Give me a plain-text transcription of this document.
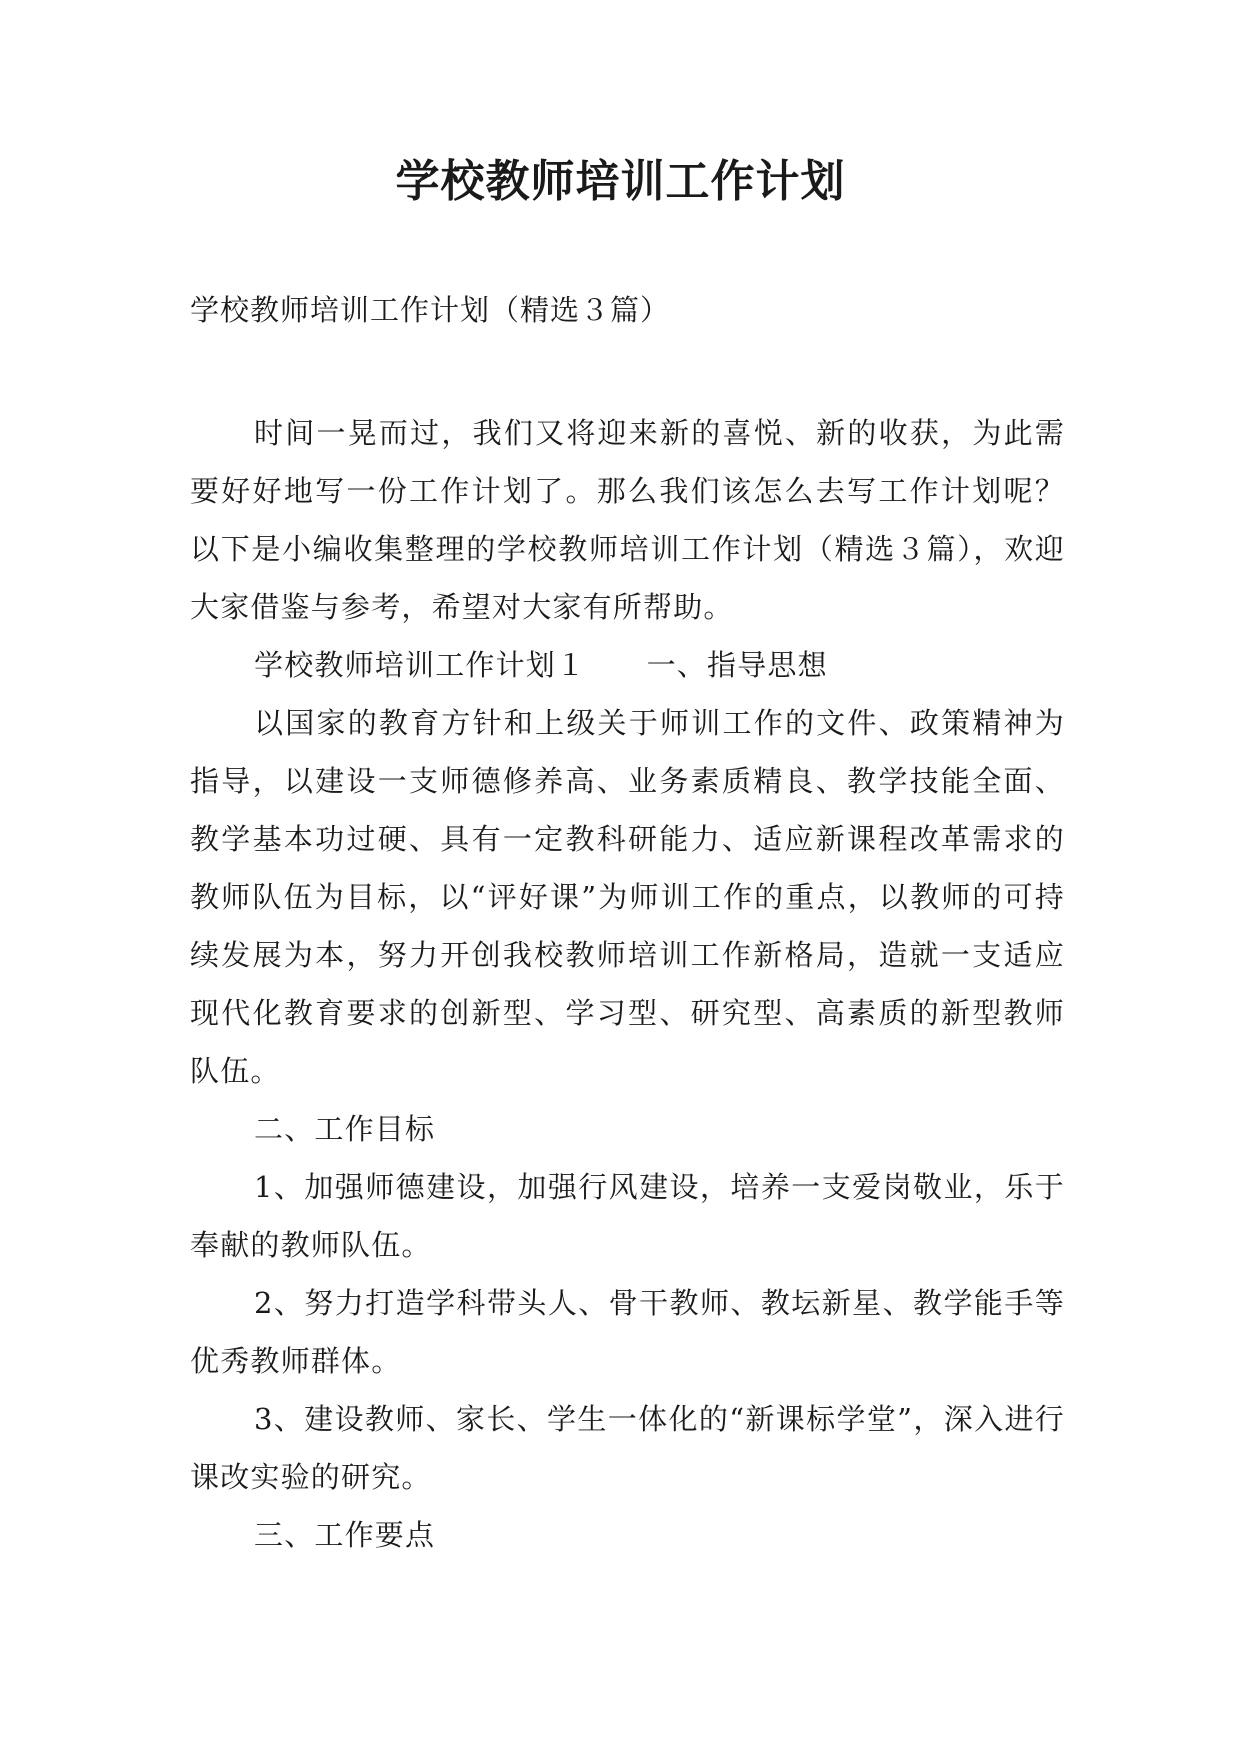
学校教师培训工作计划
学校教师培训工作计划（精选３篇）

时间一晃而过，我们又将迎来新的喜悦、新的收获，为此需要好好地写一份工作计划了。那么我们该怎么去写工作计划呢？以下是小编收集整理的学校教师培训工作计划（精选３篇），欢迎大家借鉴与参考，希望对大家有所帮助。

学校教师培训工作计划１　　一、指导思想

以国家的教育方针和上级关于师训工作的文件、政策精神为指导，以建设一支师德修养高、业务素质精良、教学技能全面、教学基本功过硬、具有一定教科研能力、适应新课程改革需求的教师队伍为目标，以“评好课”为师训工作的重点，以教师的可持续发展为本，努力开创我校教师培训工作新格局，造就一支适应现代化教育要求的创新型、学习型、研究型、高素质的新型教师队伍。

二、工作目标

1、加强师德建设，加强行风建设，培养一支爱岗敬业，乐于奉献的教师队伍。

2、努力打造学科带头人、骨干教师、教坛新星、教学能手等优秀教师群体。

3、建设教师、家长、学生一体化的“新课标学堂”，深入进行课改实验的研究。

三、工作要点
